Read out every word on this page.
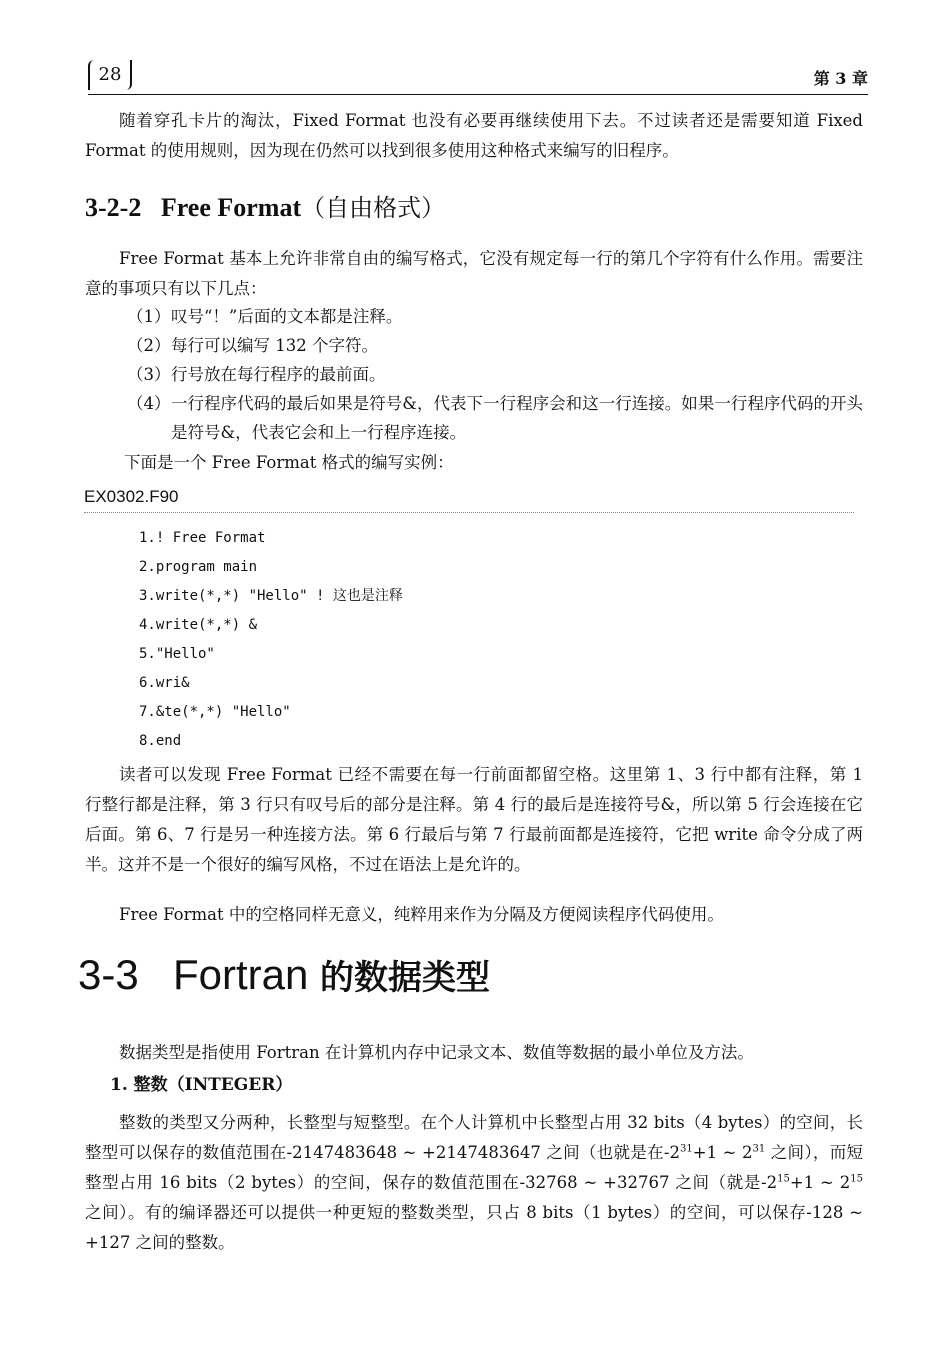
28	第 3 章
随着穿孔卡片的淘汰，Fixed Format 也没有必要再继续使用下去。不过读者还是需要知道 Fixed Format 的使用规则，因为现在仍然可以找到很多使用这种格式来编写的旧程序。
3-2-2 Free Format（自由格式）
Free Format 基本上允许非常自由的编写格式，它没有规定每一行的第几个字符有什么作用。需要注意的事项只有以下几点：
（1） 叹号“！”后面的文本都是注释。
（2） 每行可以编写 132 个字符。
（3） 行号放在每行程序的最前面。
（4） 一行程序代码的最后如果是符号&，代表下一行程序会和这一行连接。如果一行程序代码的开头是符号&，代表它会和上一行程序连接。
下面是一个 Free Format 格式的编写实例：
EX0302.F90
1.! Free Format
2.program main
3.write(*,*) "Hello" ! 这也是注释
4.write(*,*) &
5."Hello"
6.wri&
7.&te(*,*) "Hello"
8.end
读者可以发现 Free Format 已经不需要在每一行前面都留空格。这里第 1、3 行中都有注释，第 1 行整行都是注释，第 3 行只有叹号后的部分是注释。第 4 行的最后是连接符号&，所以第 5 行会连接在它后面。第 6、7 行是另一种连接方法。第 6 行最后与第 7 行最前面都是连接符，它把 write 命令分成了两半。这并不是一个很好的编写风格，不过在语法上是允许的。
Free Format 中的空格同样无意义，纯粹用来作为分隔及方便阅读程序代码使用。
3-3 Fortran 的数据类型
数据类型是指使用 Fortran 在计算机内存中记录文本、数值等数据的最小单位及方法。
1. 整数（INTEGER）
整数的类型又分两种，长整型与短整型。在个人计算机中长整型占用 32 bits（4 bytes）的空间，长整型可以保存的数值范围在-2147483648 ~ +2147483647 之间（也就是在$-2^{31}+1$ ~ $2^{31}$ 之间），而短整型占用 16 bits（2 bytes）的空间，保存的数值范围在-32768 ~ +32767 之间（就是$-2^{15}+1$ ~ $2^{15}$ 之间）。有的编译器还可以提供一种更短的整数类型，只占 8 bits（1 bytes）的空间，可以保存-128 ~ +127 之间的整数。
